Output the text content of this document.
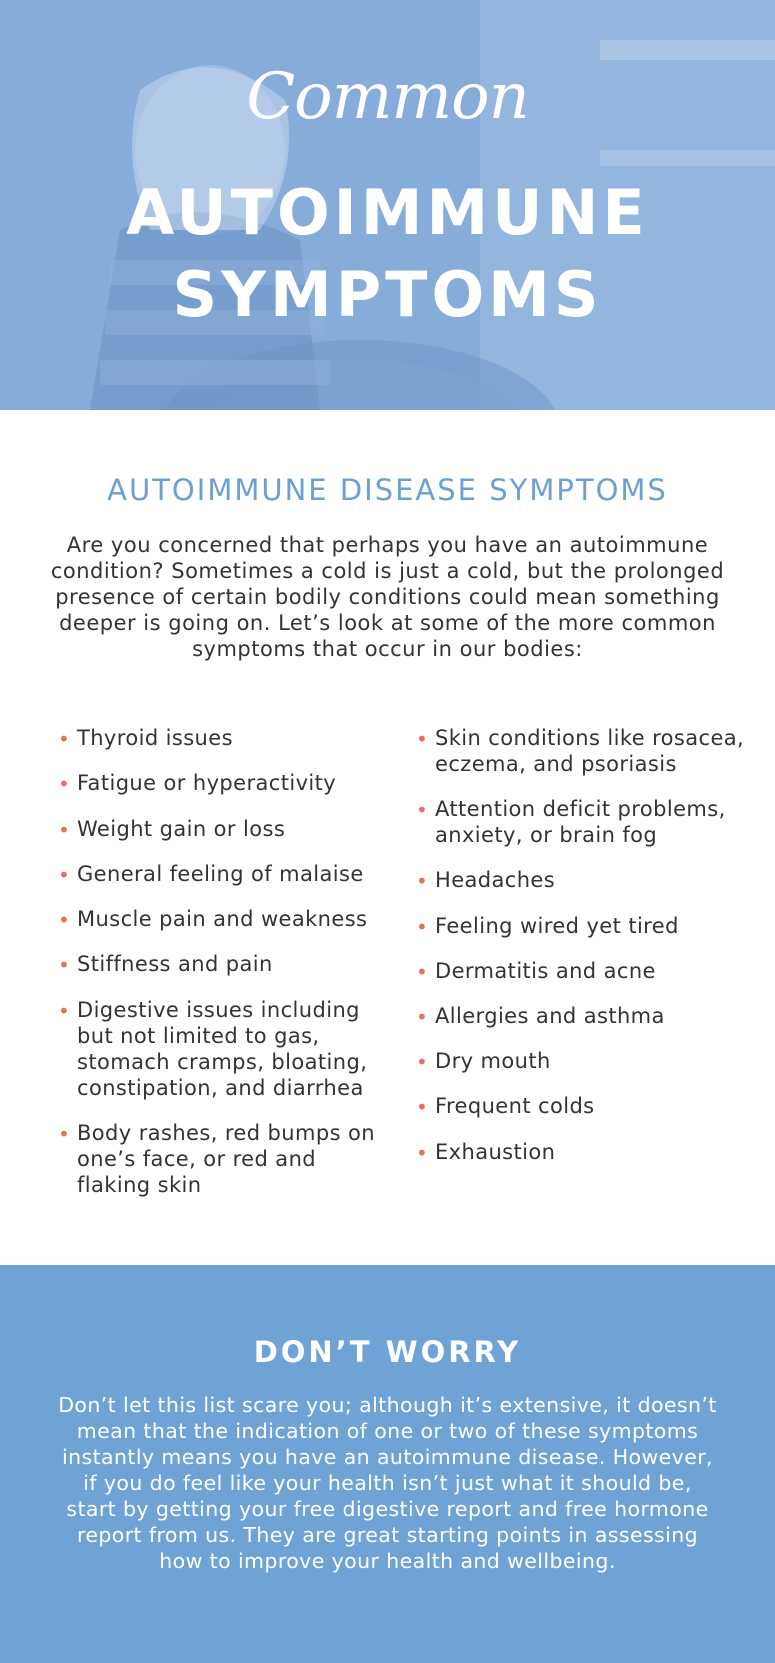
Common
AUTOIMMUNE
SYMPTOMS
AUTOIMMUNE DISEASE SYMPTOMS
Are you concerned that perhaps you have an autoimmune condition? Sometimes a cold is just a cold, but the prolonged presence of certain bodily conditions could mean something deeper is going on. Let’s look at some of the more common symptoms that occur in our bodies:
• Thyroid issues
• Fatigue or hyperactivity
• Weight gain or loss
• General feeling of malaise
• Muscle pain and weakness
• Stiffness and pain
• Digestive issues including but not limited to gas, stomach cramps, bloating, constipation, and diarrhea
• Body rashes, red bumps on one’s face, or red and flaking skin
• Skin conditions like rosacea, eczema, and psoriasis
• Attention deficit problems, anxiety, or brain fog
• Headaches
• Feeling wired yet tired
• Dermatitis and acne
• Allergies and asthma
• Dry mouth
• Frequent colds
• Exhaustion
DON’T WORRY
Don’t let this list scare you; although it’s extensive, it doesn’t mean that the indication of one or two of these symptoms instantly means you have an autoimmune disease. However, if you do feel like your health isn’t just what it should be, start by getting your free digestive report and free hormone report from us. They are great starting points in assessing how to improve your health and wellbeing.
